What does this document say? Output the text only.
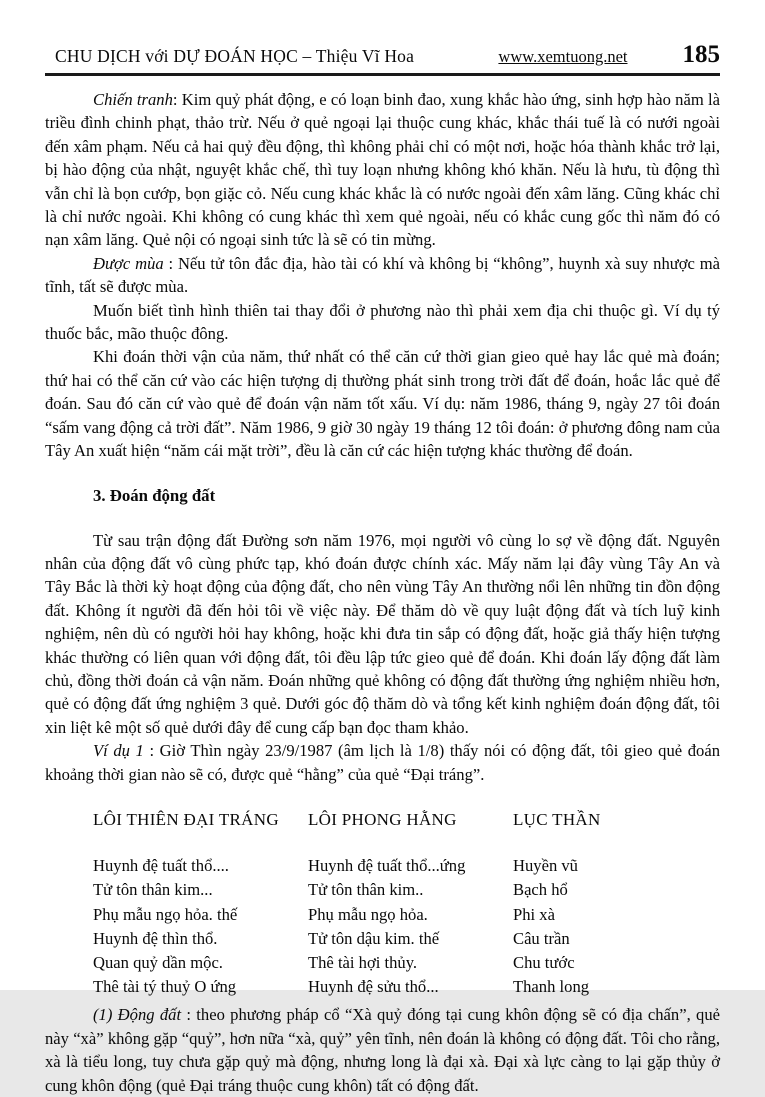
CHU DỊCH với DỰ ĐOÁN HỌC – Thiệu Vĩ Hoa	www.xemtuong.net 185

Chiến tranh: Kim quỷ phát động, e có loạn binh đao, xung khắc hào ứng, sinh hợp hào năm là triều đình chinh phạt, thảo trừ. Nếu ở quẻ ngoại lại thuộc cung khác, khắc thái tuế là có nưới ngoài đến xâm phạm. Nếu cả hai quỷ đều động, thì không phải chỉ có một nơi, hoặc hóa thành khắc trở lại, bị hào động của nhật, nguyệt khắc chế, thì tuy loạn nhưng không khó khăn. Nếu là hưu, tù động thì vẫn chỉ là bọn cướp, bọn giặc cỏ. Nếu cung khác khắc là có nước ngoài đến xâm lăng. Cũng khác chỉ là chỉ nước ngoài. Khi không có cung khác thì xem quẻ ngoài, nếu có khắc cung gốc thì năm đó có nạn xâm lăng. Quẻ nội có ngoại sinh tức là sẽ có tin mừng.

Được mùa : Nếu tử tôn đắc địa, hào tài có khí và không bị “không”, huynh xà suy nhược mà tĩnh, tất sẽ được mùa.

Muốn biết tình hình thiên tai thay đổi ở phương nào thì phải xem địa chi thuộc gì. Ví dụ tý thuốc bắc, mão thuộc đông.

Khi đoán thời vận của năm, thứ nhất có thể căn cứ thời gian gieo quẻ hay lắc quẻ mà đoán; thứ hai có thể căn cứ vào các hiện tượng dị thường phát sinh trong trời đất để đoán, hoắc lắc quẻ để đoán. Sau đó căn cứ vào quẻ để đoán vận năm tốt xấu. Ví dụ: năm 1986, tháng 9, ngày 27 tôi đoán “sấm vang động cả trời đất”. Năm 1986, 9 giờ 30 ngày 19 tháng 12 tôi đoán: ở phương đông nam của Tây An xuất hiện “năm cái mặt trời”, đều là căn cứ các hiện tượng khác thường để đoán.

3. Đoán động đất

Từ sau trận động đất Đường sơn năm 1976, mọi người vô cùng lo sợ về động đất. Nguyên nhân của động đất vô cùng phức tạp, khó đoán được chính xác. Mấy năm lại đây vùng Tây An và Tây Bắc là thời kỳ hoạt động của động đất, cho nên vùng Tây An thường nổi lên những tin đồn động đất. Không ít người đã đến hỏi tôi về việc này. Để thăm dò về quy luật động đất và tích luỹ kinh nghiệm, nên dù có người hỏi hay không, hoặc khi đưa tin sắp có động đất, hoặc giả thấy hiện tượng khác thường có liên quan với động đất, tôi đều lập tức gieo quẻ để đoán. Khi đoán lấy động đất làm chủ, đồng thời đoán cả vận năm. Đoán những quẻ không có động đất thường ứng nghiệm nhiều hơn, quẻ có động đất ứng nghiệm 3 quẻ. Dưới góc độ thăm dò và tổng kết kinh nghiệm đoán động đất, tôi xin liệt kê một số quẻ dưới đây để cung cấp bạn đọc tham khảo.

Ví dụ 1 : Giờ Thìn ngày 23/9/1987 (âm lịch là 1/8) thấy nói có động đất, tôi gieo quẻ đoán khoảng thời gian nào sẽ có, được quẻ “hằng” của quẻ “Đại tráng”.

LÔI THIÊN ĐẠI TRÁNG	LÔI PHONG HẰNG	LỤC THẦN
Huynh đệ tuất thổ....	Huynh đệ tuất thổ...ứng	Huyền vũ
Tử tôn thân kim...	Tử tôn thân kim..	Bạch hổ
Phụ mẫu ngọ hỏa. thế	Phụ mẫu ngọ hỏa.	Phi xà
Huynh đệ thìn thổ.	Tử tôn dậu kim. thế	Câu trần
Quan quỷ dần mộc.	Thê tài hợi thủy.	Chu tước
Thê tài tý thuỷ O ứng	Huynh đệ sửu thổ...	Thanh long

(1) Động đất : theo phương pháp cổ “Xà quỷ đóng tại cung khôn động sẽ có địa chấn”, quẻ này “xà” không gặp “quỷ”, hơn nữa “xà, quỷ” yên tĩnh, nên đoán là không có động đất. Tôi cho rằng, xà là tiểu long, tuy chưa gặp quỷ mà động, nhưng long là đại xà. Đại xà lực càng to lại gặp thủy ở cung khôn động (quẻ Đại tráng thuộc cung khôn) tất có động đất.
